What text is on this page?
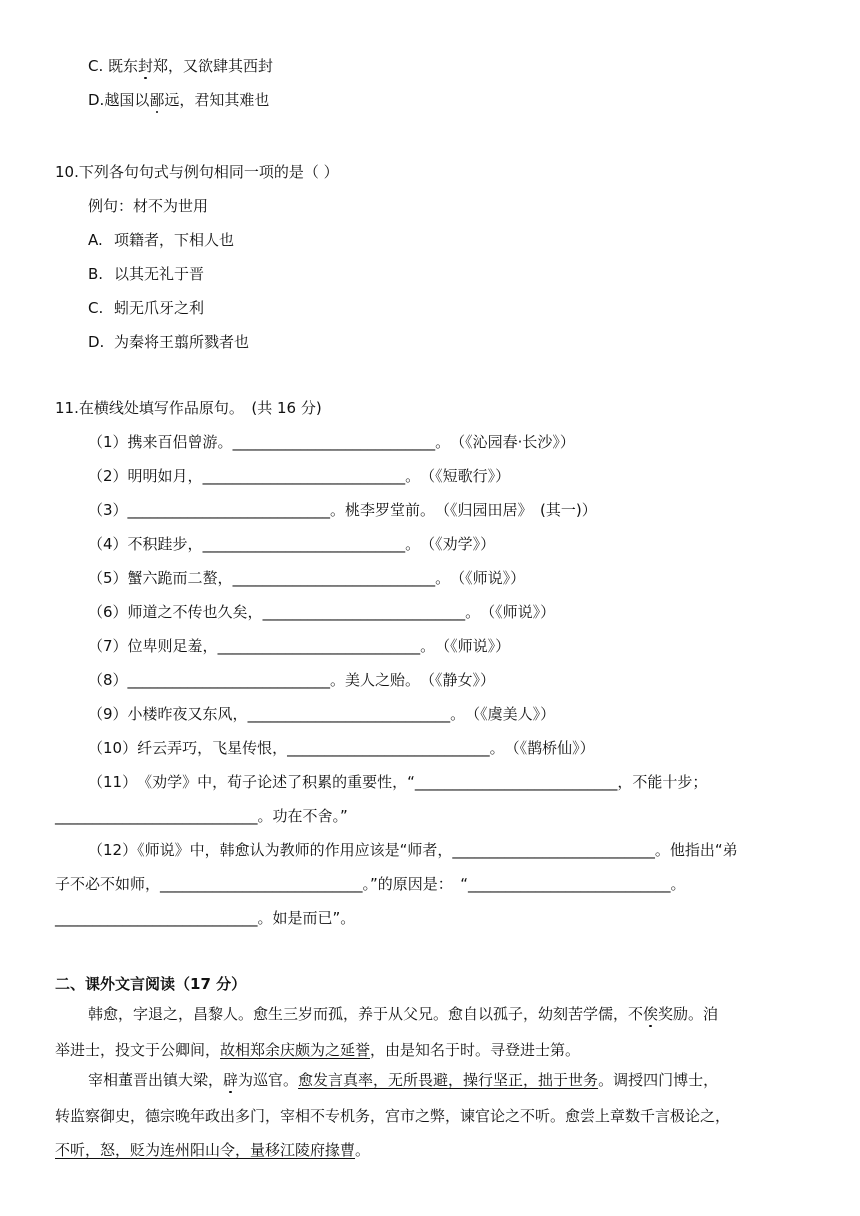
C. 既东封郑，又欲肆其西封
D.越国以鄙远，君知其难也
10.下列各句句式与例句相同一项的是（ ）
例句：材不为世用
A. 项籍者，下相人也
B. 以其无礼于晋
C. 蚓无爪牙之利
D. 为秦将王翦所戮者也
11.在横线处填写作品原句。　(共 16 分)
（1）携来百侣曾游。___________________________。　（《沁园春·长沙》）
（2）明明如月，___________________________。　（《短歌行》）
（3）___________________________。桃李罗堂前。　（《归园田居》　(其一)）
（4）不积跬步，___________________________。　（《劝学》）
（5）蟹六跪而二螯，___________________________。　（《师说》）
（6）师道之不传也久矣，___________________________。　（《师说》）
（7）位卑则足羞，___________________________。　（《师说》）
（8）___________________________。美人之贻。　（《静女》）
（9）小楼昨夜又东风，___________________________。　（《虞美人》）
（10）纤云弄巧，飞星传恨，___________________________。　（《鹊桥仙》）
（11）　《劝学》中，荀子论述了积累的重要性，“___________________________，不能十步；
___________________________。功在不舍。”
（12）《师说》中，韩愈认为教师的作用应该是“师者，___________________________。他指出“弟
子不必不如师，___________________________。”的原因是：　“___________________________。
___________________________。如是而已”。
二、课外文言阅读（17 分）
韩愈，字退之，昌黎人。愈生三岁而孤，养于从父兄。愈自以孤子，幼刻苦学儒，不俟奖励。洎
举进士，投文于公卿间，故相郑余庆颇为之延誉，由是知名于时。寻登进士第。
宰相董晋出镇大梁，辟为巡官。愈发言真率，无所畏避，操行坚正，拙于世务。调授四门博士，
转监察御史，德宗晚年政出多门，宰相不专机务，宫市之弊，谏官论之不听。愈尝上章数千言极论之，
不听，怒，贬为连州阳山令，量移江陵府掾曹。
